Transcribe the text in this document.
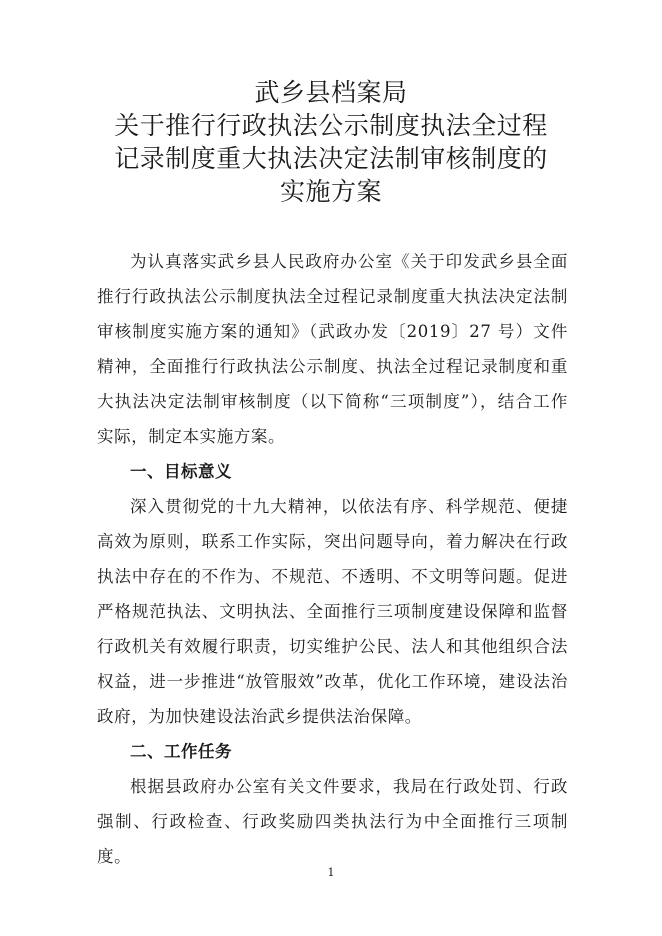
武乡县档案局
关于推行行政执法公示制度执法全过程
记录制度重大执法决定法制审核制度的
实施方案

为认真落实武乡县人民政府办公室《关于印发武乡县全面推行行政执法公示制度执法全过程记录制度重大执法决定法制审核制度实施方案的通知》（武政办发〔2019〕27 号）文件精神，全面推行行政执法公示制度、执法全过程记录制度和重大执法决定法制审核制度（以下简称“三项制度”），结合工作实际，制定本实施方案。

一、目标意义

深入贯彻党的十九大精神，以依法有序、科学规范、便捷高效为原则，联系工作实际，突出问题导向，着力解决在行政执法中存在的不作为、不规范、不透明、不文明等问题。促进严格规范执法、文明执法、全面推行三项制度建设保障和监督行政机关有效履行职责，切实维护公民、法人和其他组织合法权益，进一步推进“放管服效”改革，优化工作环境，建设法治政府，为加快建设法治武乡提供法治保障。

二、工作任务

根据县政府办公室有关文件要求，我局在行政处罚、行政强制、行政检查、行政奖励四类执法行为中全面推行三项制度。

1
